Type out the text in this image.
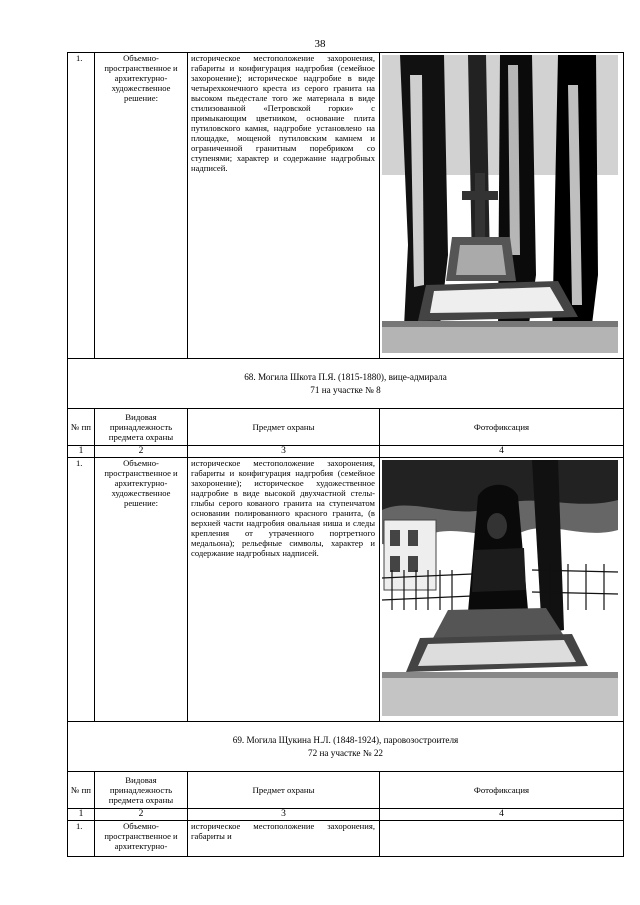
38
1.	Объемно-пространственное и архитектурно-художественное решение:	историческое местоположение захоронения, габариты и конфигурация надгробия (семейное захоронение); историческое надгробие в виде четырехконечного креста из серого гранита на высоком пьедестале того же материала в виде стилизованной «Петровской горки» с примыкающим цветником, основание плита путиловского камня, надгробие установлено на площадке, мощеной путиловским камнем и ограниченной гранитным поребриком со ступенями; характер и содержание надгробных надписей.	

68. Могила Шкота П.Я. (1815-1880), вице-адмирала
71 на участке № 8			

№ пп	Видовая принадлежность предмета охраны	Предмет охраны	Фотофиксация
1	2	3	4
1.	Объемно-пространственное и архитектурно-художественное решение:	историческое местоположение захоронения, габариты и конфигурация надгробия (семейное захоронение); историческое художественное надгробие в виде высокой двухчастной стелы-глыбы серого кованого гранита на ступенчатом основании полированного красного гранита, (в верхней части надгробия овальная ниша и следы крепления от утраченного портретного медальона); рельефные символы, характер и содержание надгробных надписей.	

69. Могила Щукина Н.Л. (1848-1924), паровозостроителя
72 на участке № 22			

№ пп	Видовая принадлежность предмета охраны	Предмет охраны	Фотофиксация
1	2	3	4
1.	Объемно-пространственное и архитектурно-	историческое местоположение захоронения, габариты и	
